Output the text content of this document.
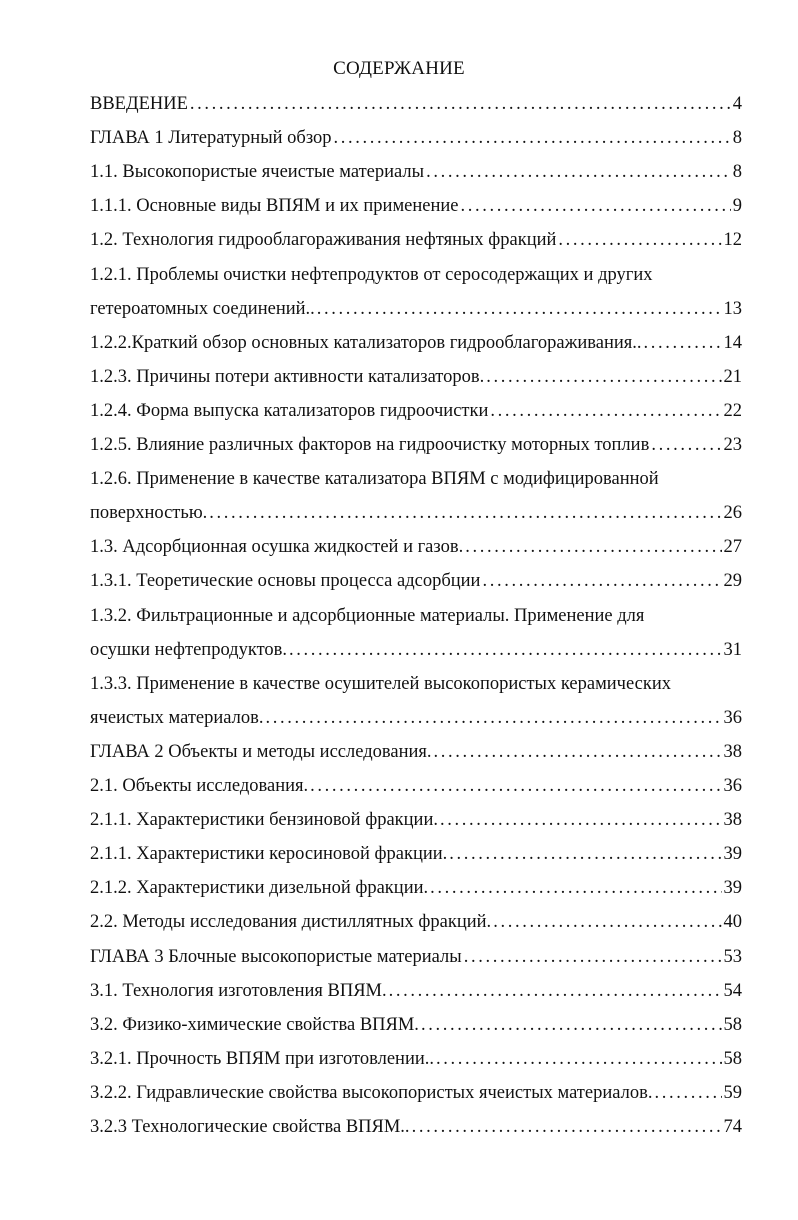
СОДЕРЖАНИЕ
ВВЕДЕНИЕ . . .	4
ГЛАВА 1 Литературный обзор . . .	8
1.1. Высокопористые ячеистые материалы . . .	8
1.1.1. Основные виды ВПЯМ и их применение . . .	9
1.2. Технология гидрооблагораживания нефтяных фракций . . .	12
1.2.1. Проблемы очистки нефтепродуктов от серосодержащих и других
гетероатомных соединений.. . . .	13
1.2.2.Краткий обзор основных катализаторов гидрооблагораживания.. . . .	14
1.2.3. Причины потери активности катализаторов. . . .	21
1.2.4. Форма выпуска катализаторов гидроочистки . . .	22
1.2.5. Влияние различных факторов на гидроочистку моторных топлив . . .	23
1.2.6. Применение в качестве катализатора ВПЯМ с модифицированной
поверхностью. . . .	26
1.3. Адсорбционная осушка жидкостей и газов. . . .	27
1.3.1. Теоретические основы процесса адсорбции . . .	29
1.3.2. Фильтрационные и адсорбционные материалы. Применение для
осушки нефтепродуктов. . . .	31
1.3.3. Применение в качестве осушителей высокопористых керамических
ячеистых материалов. . . .	36
ГЛАВА 2 Объекты и методы исследования. . . .	38
2.1. Объекты исследования. . . .	36
2.1.1. Характеристики бензиновой фракции. . . .	38
2.1.1. Характеристики керосиновой фракции. . . .	39
2.1.2. Характеристики дизельной фракции. . . .	39
2.2. Методы исследования дистиллятных фракций. . . .	40
ГЛАВА 3 Блочные высокопористые материалы . . .	53
3.1. Технология изготовления ВПЯМ. . . .	54
3.2. Физико-химические свойства ВПЯМ. . . .	58
3.2.1. Прочность ВПЯМ при изготовлении.. . . .	58
3.2.2. Гидравлические свойства высокопористых ячеистых материалов. . . .	59
3.2.3 Технологические свойства ВПЯМ.. . . .	74
